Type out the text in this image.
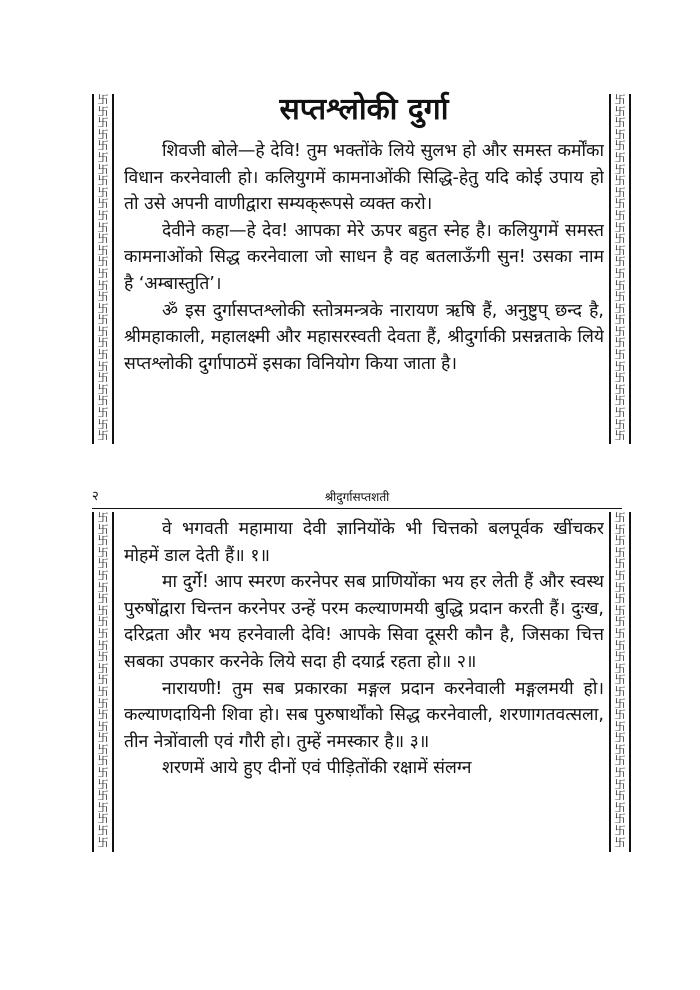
卐
卐
卐
卐
卐
卐
卐
卐
卐
卐
卐
卐
卐
卐
卐
卐
卐
卐
卐
卐
卐
卐
卐
卐
卐
卐
卐
卐
卐
卐
卐
卐
卐
卐
卐
卐
卐
卐
卐
卐
卐
卐
卐
卐
卐
卐
卐
卐
卐
卐
卐
卐
卐
卐
卐
卐
卐
卐
卐
卐
सप्तश्लोकी दुर्गा

शिवजी बोले—हे देवि! तुम भक्तोंके लिये सुलभ हो और समस्त कर्मोंका विधान करनेवाली हो। कलियुगमें कामनाओंकी सिद्धि-हेतु यदि कोई उपाय हो तो उसे अपनी वाणीद्वारा सम्यक्‌रूपसे व्यक्त करो।

देवीने कहा—हे देव! आपका मेरे ऊपर बहुत स्नेह है। कलियुगमें समस्त कामनाओंको सिद्ध करनेवाला जो साधन है वह बतलाऊँगी सुन! उसका नाम है ‘अम्बास्तुति’।

ॐ इस दुर्गासप्तश्लोकी स्तोत्रमन्त्रके नारायण ऋषि हैं, अनुष्टुप् छन्द है, श्रीमहाकाली, महालक्ष्मी और महासरस्वती देवता हैं, श्रीदुर्गाकी प्रसन्नताके लिये सप्तश्लोकी दुर्गापाठमें इसका विनियोग किया जाता है।

२	श्रीदुर्गासप्तशती
卐
卐
卐
卐
卐
卐
卐
卐
卐
卐
卐
卐
卐
卐
卐
卐
卐
卐
卐
卐
卐
卐
卐
卐
卐
卐
卐
卐
卐
卐
卐
卐
卐
卐
卐
卐
卐
卐
卐
卐
卐
卐
卐
卐
卐
卐
卐
卐
卐
卐
卐
卐
卐
卐
卐
卐
卐
卐

वे भगवती महामाया देवी ज्ञानियोंके भी चित्तको बलपूर्वक खींचकर मोहमें डाल देती हैं॥ १॥

मा दुर्गे! आप स्मरण करनेपर सब प्राणियोंका भय हर लेती हैं और स्वस्थ पुरुषोंद्वारा चिन्तन करनेपर उन्हें परम कल्याणमयी बुद्धि प्रदान करती हैं। दुःख, दरिद्रता और भय हरनेवाली देवि! आपके सिवा दूसरी कौन है, जिसका चित्त सबका उपकार करनेके लिये सदा ही दयार्द्र रहता हो॥ २॥

नारायणी! तुम सब प्रकारका मङ्गल प्रदान करनेवाली मङ्गलमयी हो। कल्याणदायिनी शिवा हो। सब पुरुषार्थोंको सिद्ध करनेवाली, शरणागतवत्सला, तीन नेत्रोंवाली एवं गौरी हो। तुम्हें नमस्कार है॥ ३॥

शरणमें आये हुए दीनों एवं पीड़ितोंकी रक्षामें संलग्न
